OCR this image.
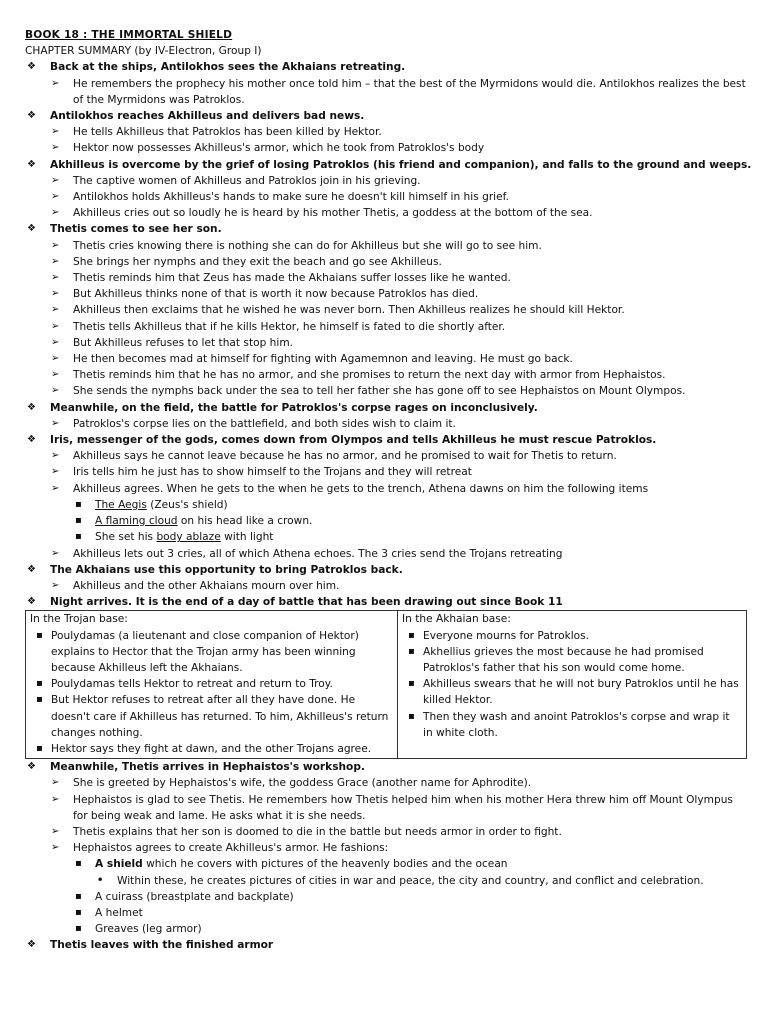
BOOK 18 : THE IMMORTAL SHIELD
CHAPTER SUMMARY (by IV-Electron, Group I)
❖ Back at the ships, Antilokhos sees the Akhaians retreating.
➢ He remembers the prophecy his mother once told him – that the best of the Myrmidons would die. Antilokhos realizes the best of the Myrmidons was Patroklos.
❖ Antilokhos reaches Akhilleus and delivers bad news.
➢ He tells Akhilleus that Patroklos has been killed by Hektor.
➢ Hektor now possesses Akhilleus's armor, which he took from Patroklos's body
❖ Akhilleus is overcome by the grief of losing Patroklos (his friend and companion), and falls to the ground and weeps.
➢ The captive women of Akhilleus and Patroklos join in his grieving.
➢ Antilokhos holds Akhilleus's hands to make sure he doesn't kill himself in his grief.
➢ Akhilleus cries out so loudly he is heard by his mother Thetis, a goddess at the bottom of the sea.
❖ Thetis comes to see her son.
➢ Thetis cries knowing there is nothing she can do for Akhilleus but she will go to see him.
➢ She brings her nymphs and they exit the beach and go see Akhilleus.
➢ Thetis reminds him that Zeus has made the Akhaians suffer losses like he wanted.
➢ But Akhilleus thinks none of that is worth it now because Patroklos has died.
➢ Akhilleus then exclaims that he wished he was never born. Then Akhilleus realizes he should kill Hektor.
➢ Thetis tells Akhilleus that if he kills Hektor, he himself is fated to die shortly after.
➢ But Akhilleus refuses to let that stop him.
➢ He then becomes mad at himself for fighting with Agamemnon and leaving. He must go back.
➢ Thetis reminds him that he has no armor, and she promises to return the next day with armor from Hephaistos.
➢ She sends the nymphs back under the sea to tell her father she has gone off to see Hephaistos on Mount Olympos.
❖ Meanwhile, on the field, the battle for Patroklos's corpse rages on inconclusively.
➢ Patroklos's corpse lies on the battlefield, and both sides wish to claim it.
❖ Iris, messenger of the gods, comes down from Olympos and tells Akhilleus he must rescue Patroklos.
➢ Akhilleus says he cannot leave because he has no armor, and he promised to wait for Thetis to return.
➢ Iris tells him he just has to show himself to the Trojans and they will retreat
➢ Akhilleus agrees. When he gets to the when he gets to the trench, Athena dawns on him the following items
▪ The Aegis (Zeus's shield)
▪ A flaming cloud on his head like a crown.
▪ She set his body ablaze with light
➢ Akhilleus lets out 3 cries, all of which Athena echoes. The 3 cries send the Trojans retreating
❖ The Akhaians use this opportunity to bring Patroklos back.
➢ Akhilleus and the other Akhaians mourn over him.
❖ Night arrives. It is the end of a day of battle that has been drawing out since Book 11
In the Trojan base:
▪ Poulydamas (a lieutenant and close companion of Hektor) explains to Hector that the Trojan army has been winning because Akhilleus left the Akhaians.
▪ Poulydamas tells Hektor to retreat and return to Troy.
▪ But Hektor refuses to retreat after all they have done. He doesn't care if Akhilleus has returned. To him, Akhilleus's return changes nothing.
▪ Hektor says they fight at dawn, and the other Trojans agree.

In the Akhaian base:
▪ Everyone mourns for Patroklos.
▪ Akhellius grieves the most because he had promised Patroklos's father that his son would come home.
▪ Akhilleus swears that he will not bury Patroklos until he has killed Hektor.
▪ Then they wash and anoint Patroklos's corpse and wrap it in white cloth.
❖ Meanwhile, Thetis arrives in Hephaistos's workshop.
➢ She is greeted by Hephaistos's wife, the goddess Grace (another name for Aphrodite).
➢ Hephaistos is glad to see Thetis. He remembers how Thetis helped him when his mother Hera threw him off Mount Olympus for being weak and lame. He asks what it is she needs.
➢ Thetis explains that her son is doomed to die in the battle but needs armor in order to fight.
➢ Hephaistos agrees to create Akhilleus's armor. He fashions:
▪ A shield which he covers with pictures of the heavenly bodies and the ocean
• Within these, he creates pictures of cities in war and peace, the city and country, and conflict and celebration.
▪ A cuirass (breastplate and backplate)
▪ A helmet
▪ Greaves (leg armor)
❖ Thetis leaves with the finished armor
